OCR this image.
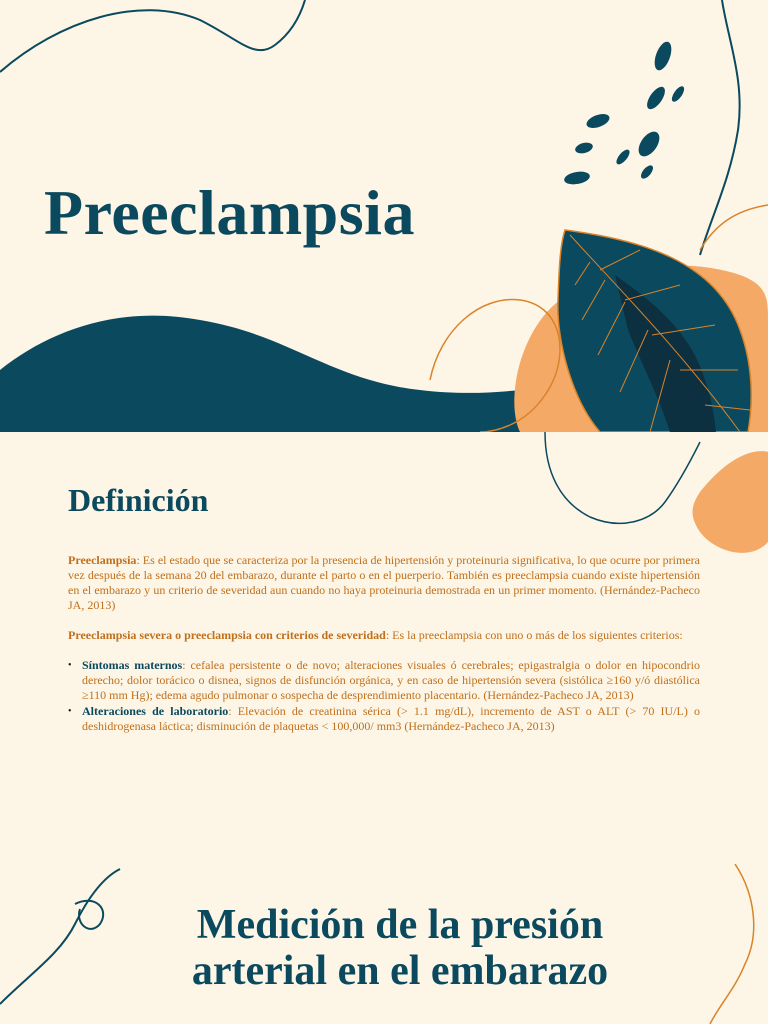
Preeclampsia
Definición

Preeclampsia: Es el estado que se caracteriza por la presencia de hipertensión y proteinuria significativa, lo que ocurre por primera vez después de la semana 20 del embarazo, durante el parto o en el puerperio. También es preeclampsia cuando existe hipertensión en el embarazo y un criterio de severidad aun cuando no haya proteinuria demostrada en un primer momento. (Hernández-Pacheco JA, 2013)

Preeclampsia severa o preeclampsia con criterios de severidad: Es la preeclampsia con uno o más de los siguientes criterios:

• Síntomas maternos: cefalea persistente o de novo; alteraciones visuales ó cerebrales; epigastralgia o dolor en hipocondrio derecho; dolor torácico o disnea, signos de disfunción orgánica, y en caso de hipertensión severa (sistólica ≥160 y/ó diastólica ≥110 mm Hg); edema agudo pulmonar o sospecha de desprendimiento placentario. (Hernández-Pacheco JA, 2013)
• Alteraciones de laboratorio: Elevación de creatinina sérica (> 1.1 mg/dL), incremento de AST o ALT (> 70 IU/L) o deshidrogenasa láctica; disminución de plaquetas < 100,000/ mm3 (Hernández-Pacheco JA, 2013)
Medición de la presión
arterial en el embarazo
